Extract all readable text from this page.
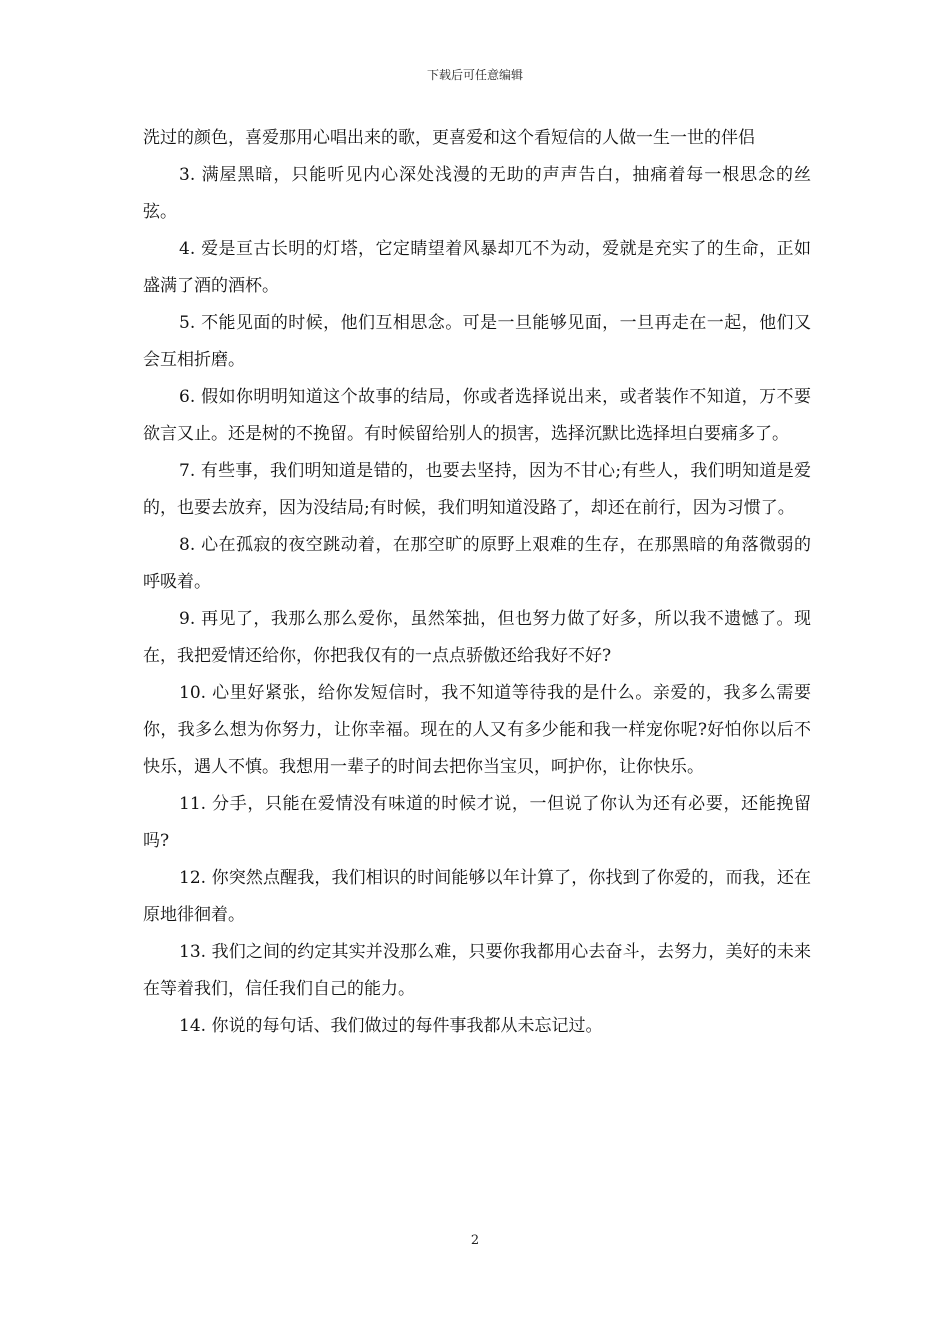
下载后可任意编辑

洗过的颜色，喜爱那用心唱出来的歌，更喜爱和这个看短信的人做一生一世的伴侣

3. 满屋黑暗，只能听见内心深处浅漫的无助的声声告白，抽痛着每一根思念的丝弦。

4. 爱是亘古长明的灯塔，它定睛望着风暴却兀不为动，爱就是充实了的生命，正如盛满了酒的酒杯。

5. 不能见面的时候，他们互相思念。可是一旦能够见面，一旦再走在一起，他们又会互相折磨。

6. 假如你明明知道这个故事的结局，你或者选择说出来，或者装作不知道，万不要欲言又止。还是树的不挽留。有时候留给别人的损害，选择沉默比选择坦白要痛多了。

7. 有些事，我们明知道是错的，也要去坚持，因为不甘心;有些人，我们明知道是爱的，也要去放弃，因为没结局;有时候，我们明知道没路了，却还在前行，因为习惯了。

8. 心在孤寂的夜空跳动着，在那空旷的原野上艰难的生存，在那黑暗的角落微弱的呼吸着。

9. 再见了，我那么那么爱你，虽然笨拙，但也努力做了好多，所以我不遗憾了。现在，我把爱情还给你，你把我仅有的一点点骄傲还给我好不好?

10. 心里好紧张，给你发短信时，我不知道等待我的是什么。亲爱的，我多么需要你，我多么想为你努力，让你幸福。现在的人又有多少能和我一样宠你呢?好怕你以后不快乐，遇人不慎。我想用一辈子的时间去把你当宝贝，呵护你，让你快乐。

11. 分手，只能在爱情没有味道的时候才说，一但说了你认为还有必要，还能挽留吗?

12. 你突然点醒我，我们相识的时间能够以年计算了，你找到了你爱的，而我，还在原地徘徊着。

13. 我们之间的约定其实并没那么难，只要你我都用心去奋斗，去努力，美好的未来在等着我们，信任我们自己的能力。

14. 你说的每句话、我们做过的每件事我都从未忘记过。

2
